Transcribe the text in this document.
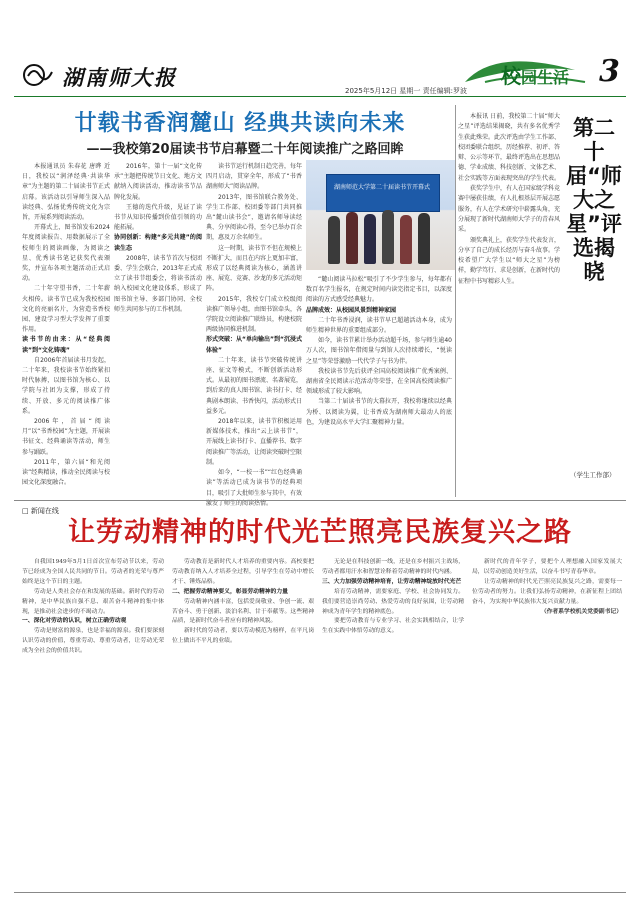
湖南师大报	校园生活 3
2025年5月12日 星期一 责任编辑:罗波
廿载书香润麓山 经典共读向未来
——我校第20届读书节启幕暨二十年阅读推广之路回眸

本报通讯员 朱春花 唐晔 近日，我校以“润泽经典·共读华章”为主题的第二十届读书节正式启幕。该活动以引导师生深入品读经典、弘扬优秀传统文化为宗旨，开展系列阅读活动。

开幕式上，图书馆发布2024年度阅读报告、用数据展示了全校师生的阅读画像，为阅读之星、优秀读书笔记获奖代表颁奖，并宣布各项主题活动正式启动。

二十年守望书香，二十年薪火相传。读书节已成为我校校园文化的亮丽名片，为营造书香校园、建设学习型大学发挥了重要作用。

读书节的由来：从“经典阅读”到“文化铸魂”

自2006年首届读书月发起，二十年来，我校读书节始终紧扣时代脉搏，以图书馆为核心、以学院与社团为支撑，形成了持续、开放、多元的阅读推广体系。

2006年，首届“阅读月”以“书香校园”为主题，开展读书征文、经典诵读等活动，师生参与踊跃。

2011年，第六届“和光阅读”经典精读，推动全民阅读与校园文化深度融合。

2016年，第十一届“文化传承”主题把传统节日文化、地方文献纳入阅读活动，推动读书节品牌化发展。

王德的迭代升级，见证了读书节从知识传播到价值引领的功能拓展。

协同创新：构建“多元共建”的阅读生态

2008年，读书节首次与校团委、学生会联合，2013年正式成立了读书节组委会，将读书活动纳入校园文化建设体系，形成了图书馆主导、多部门协同、全校师生共同参与的工作机制。

“麓山阅读马拉松”吸引了不少学生参与，每年都有数百名学生报名，在规定时间内读完指定书目，以深度阅读的方式感受经典魅力。

品牌成效：从校园风景到精神家园

二十年书香浸润，读书节早已超越活动本身，成为师生精神世界的重要组成部分。

如今，读书节累计举办活动超千场，参与师生逾40万人次，图书馆年借阅量与到馆人次持续增长，“悦读之星”等荣誉激励一代代学子与书为伴。

我校读书节先后获评全国高校阅读推广优秀案例、湖南省全民阅读示范活动等荣誉，在全国高校阅读推广领域形成了较大影响。

当第二十届读书节的大幕拉开，我校将继续以经典为桥、以阅读为翼，让书香成为湖南师大最动人的底色，为建设高水平大学汇聚精神力量。

湖南师范大学第二十届读书节开幕式

读书节运行机制日趋完善，每年四月启动，贯穿全年，形成了“书香湖南师大”阅读品牌。

2013年，图书馆联合教务处、学生工作部、校团委等部门共同推出“麓山读书会”，邀请名师导读经典、分享阅读心得，至今已举办百余期，惠及万余名师生。

这一时期，读书节不但在规模上不断扩大，而且在内容上更加丰富，形成了以经典阅读为核心，涵盖讲座、展览、竞赛、沙龙的多元活动矩阵。

2015年，我校专门成立校级阅读推广领导小组，由图书馆牵头，各学院设立阅读推广联络员，构建校院两级协同推进机制。

形式突破：从“单向输出”到“沉浸式体验”

二十年来，读书节突破传统讲座、征文等模式，不断创新活动形式。从最初的图书漂流、名著展览，到后来的真人图书馆、读书打卡、经典剧本朗读、书香快闪，活动形式日益多元。

2018年以来，读书节积极运用新媒体技术，推出“云上读书节”，开展线上读书打卡、直播荐书、数字阅读推广等活动，让阅读突破时空限制。

如今，“一校一书”“红色经典诵读”等活动已成为读书节的经典项目，吸引了大批师生参与其中，有效激发了师生的阅读热情。

本报讯 日前，我校第二十届“师大之星”评选结果揭晓，共有多名优秀学生获此殊荣。此次评选由学生工作部、校团委联合组织，历经推荐、初评、答辩、公示等环节，最终评选出在思想品德、学业成绩、科技创新、文体艺术、社会实践等方面表现突出的学生代表。

获奖学生中，有人在国家级学科竞赛中屡获佳绩，有人扎根基层开展志愿服务，有人在学术研究中崭露头角，充分展现了新时代湖南师大学子的青春风采。

颁奖典礼上，获奖学生代表发言，分享了自己的成长经历与奋斗故事。学校希望广大学生以“师大之星”为榜样，勤学笃行、求是创新，在新时代的征程中书写精彩人生。

第二十届“师大之星”评选揭晓
（学生工作部）
□ 新闻在线
让劳动精神的时代光芒照亮民族复兴之路

自我国1949年5月1日首次宣布劳动节以来，劳动节已经成为全国人民共同的节日。劳动者的光荣与尊严始终是这个节日的主题。

劳动是人类社会存在和发展的基础。新时代的劳动精神，是中华民族自强不息、艰苦奋斗精神的集中体现，是推动社会进步的不竭动力。

一、深化对劳动的认识，树立正确劳动观

劳动是财富的源泉，也是幸福的源泉。我们要深刻认识劳动的价值，尊重劳动、尊重劳动者，让劳动光荣成为全社会的价值共识。

劳动教育是新时代人才培养的重要内容。高校要把劳动教育纳入人才培养全过程，引导学生在劳动中增长才干、锤炼品格。

二、把握劳动精神要义，彰显劳动精神的力量

劳动精神内涵丰富，包括爱岗敬业、争创一流、艰苦奋斗、勇于创新、淡泊名利、甘于奉献等。这些精神品质，是新时代奋斗者应有的精神风貌。

新时代的劳动者，要以劳动模范为榜样，在平凡岗位上做出不平凡的业绩。

无论是在科技创新一线，还是在乡村振兴主战场，劳动者都用汗水和智慧诠释着劳动精神的时代内涵。

三、大力加强劳动精神培育，让劳动精神绽放时代光芒

培育劳动精神，需要家庭、学校、社会协同发力。我们要营造崇尚劳动、热爱劳动的良好氛围，让劳动精神成为青年学生的精神底色。

要把劳动教育与专业学习、社会实践相结合，让学生在实践中体悟劳动的意义。

新时代的青年学子，要把个人理想融入国家发展大局，以劳动创造美好生活，以奋斗书写青春华章。

让劳动精神的时代光芒照亮民族复兴之路，需要每一位劳动者的努力。让我们弘扬劳动精神，在新征程上团结奋斗，为实现中华民族伟大复兴贡献力量。

（作者系学校机关党委副书记）
